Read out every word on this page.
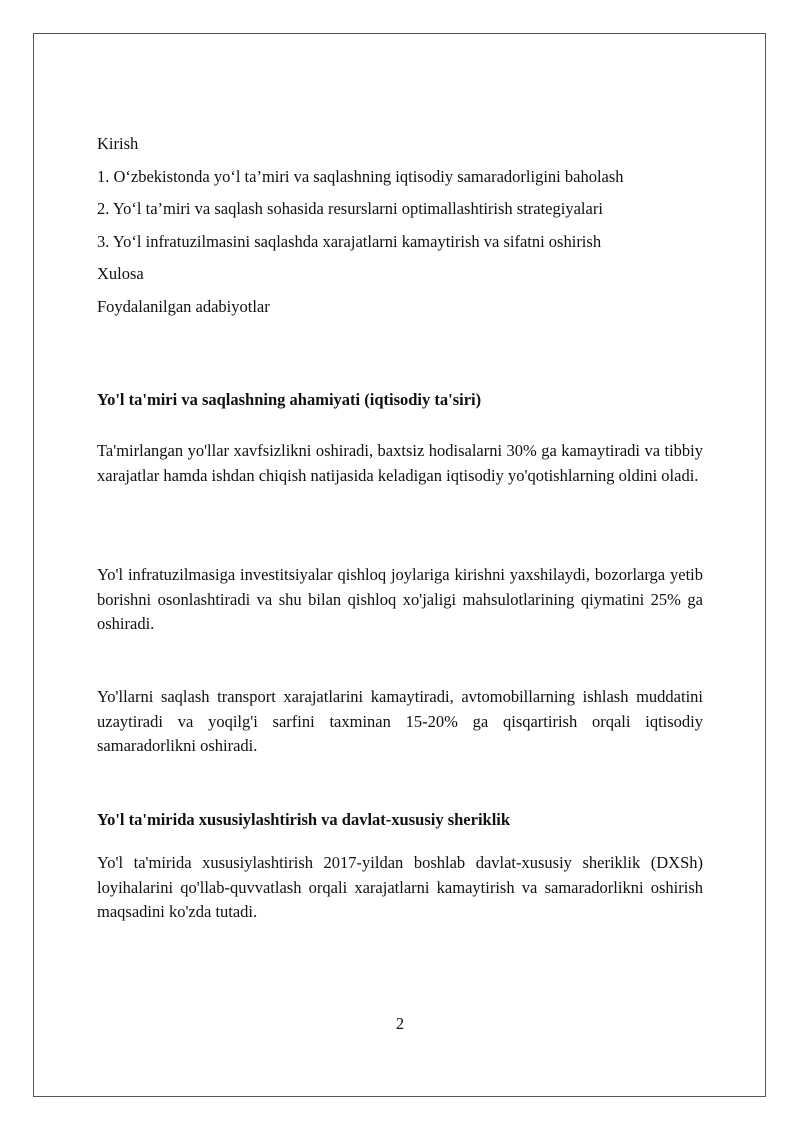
Kirish
1. O‘zbekistonda yo‘l ta’miri va saqlashning iqtisodiy samaradorligini baholash
2. Yo‘l ta’miri va saqlash sohasida resurslarni optimallashtirish strategiyalari
3. Yo‘l infratuzilmasini saqlashda xarajatlarni kamaytirish va sifatni oshirish
Xulosa
Foydalanilgan adabiyotlar
Yo'l ta'miri va saqlashning ahamiyati (iqtisodiy ta'siri)
Ta'mirlangan yo'llar xavfsizlikni oshiradi, baxtsiz hodisalarni 30% ga kamaytiradi va tibbiy xarajatlar hamda ishdan chiqish natijasida keladigan iqtisodiy yo'qotishlarning oldini oladi.
Yo'l infratuzilmasiga investitsiyalar qishloq joylariga kirishni yaxshilaydi, bozorlarga yetib borishni osonlashtiradi va shu bilan qishloq xo'jaligi mahsulotlarining qiymatini 25% ga oshiradi.
Yo'llarni saqlash transport xarajatlarini kamaytiradi, avtomobillarning ishlash muddatini uzaytiradi va yoqilg'i sarfini taxminan 15-20% ga qisqartirish orqali iqtisodiy samaradorlikni oshiradi.
Yo'l ta'mirida xususiylashtirish va davlat-xususiy sheriklik
Yo'l ta'mirida xususiylashtirish 2017-yildan boshlab davlat-xususiy sheriklik (DXSh) loyihalarini qo'llab-quvvatlash orqali xarajatlarni kamaytirish va samaradorlikni oshirish maqsadini ko'zda tutadi.
2
